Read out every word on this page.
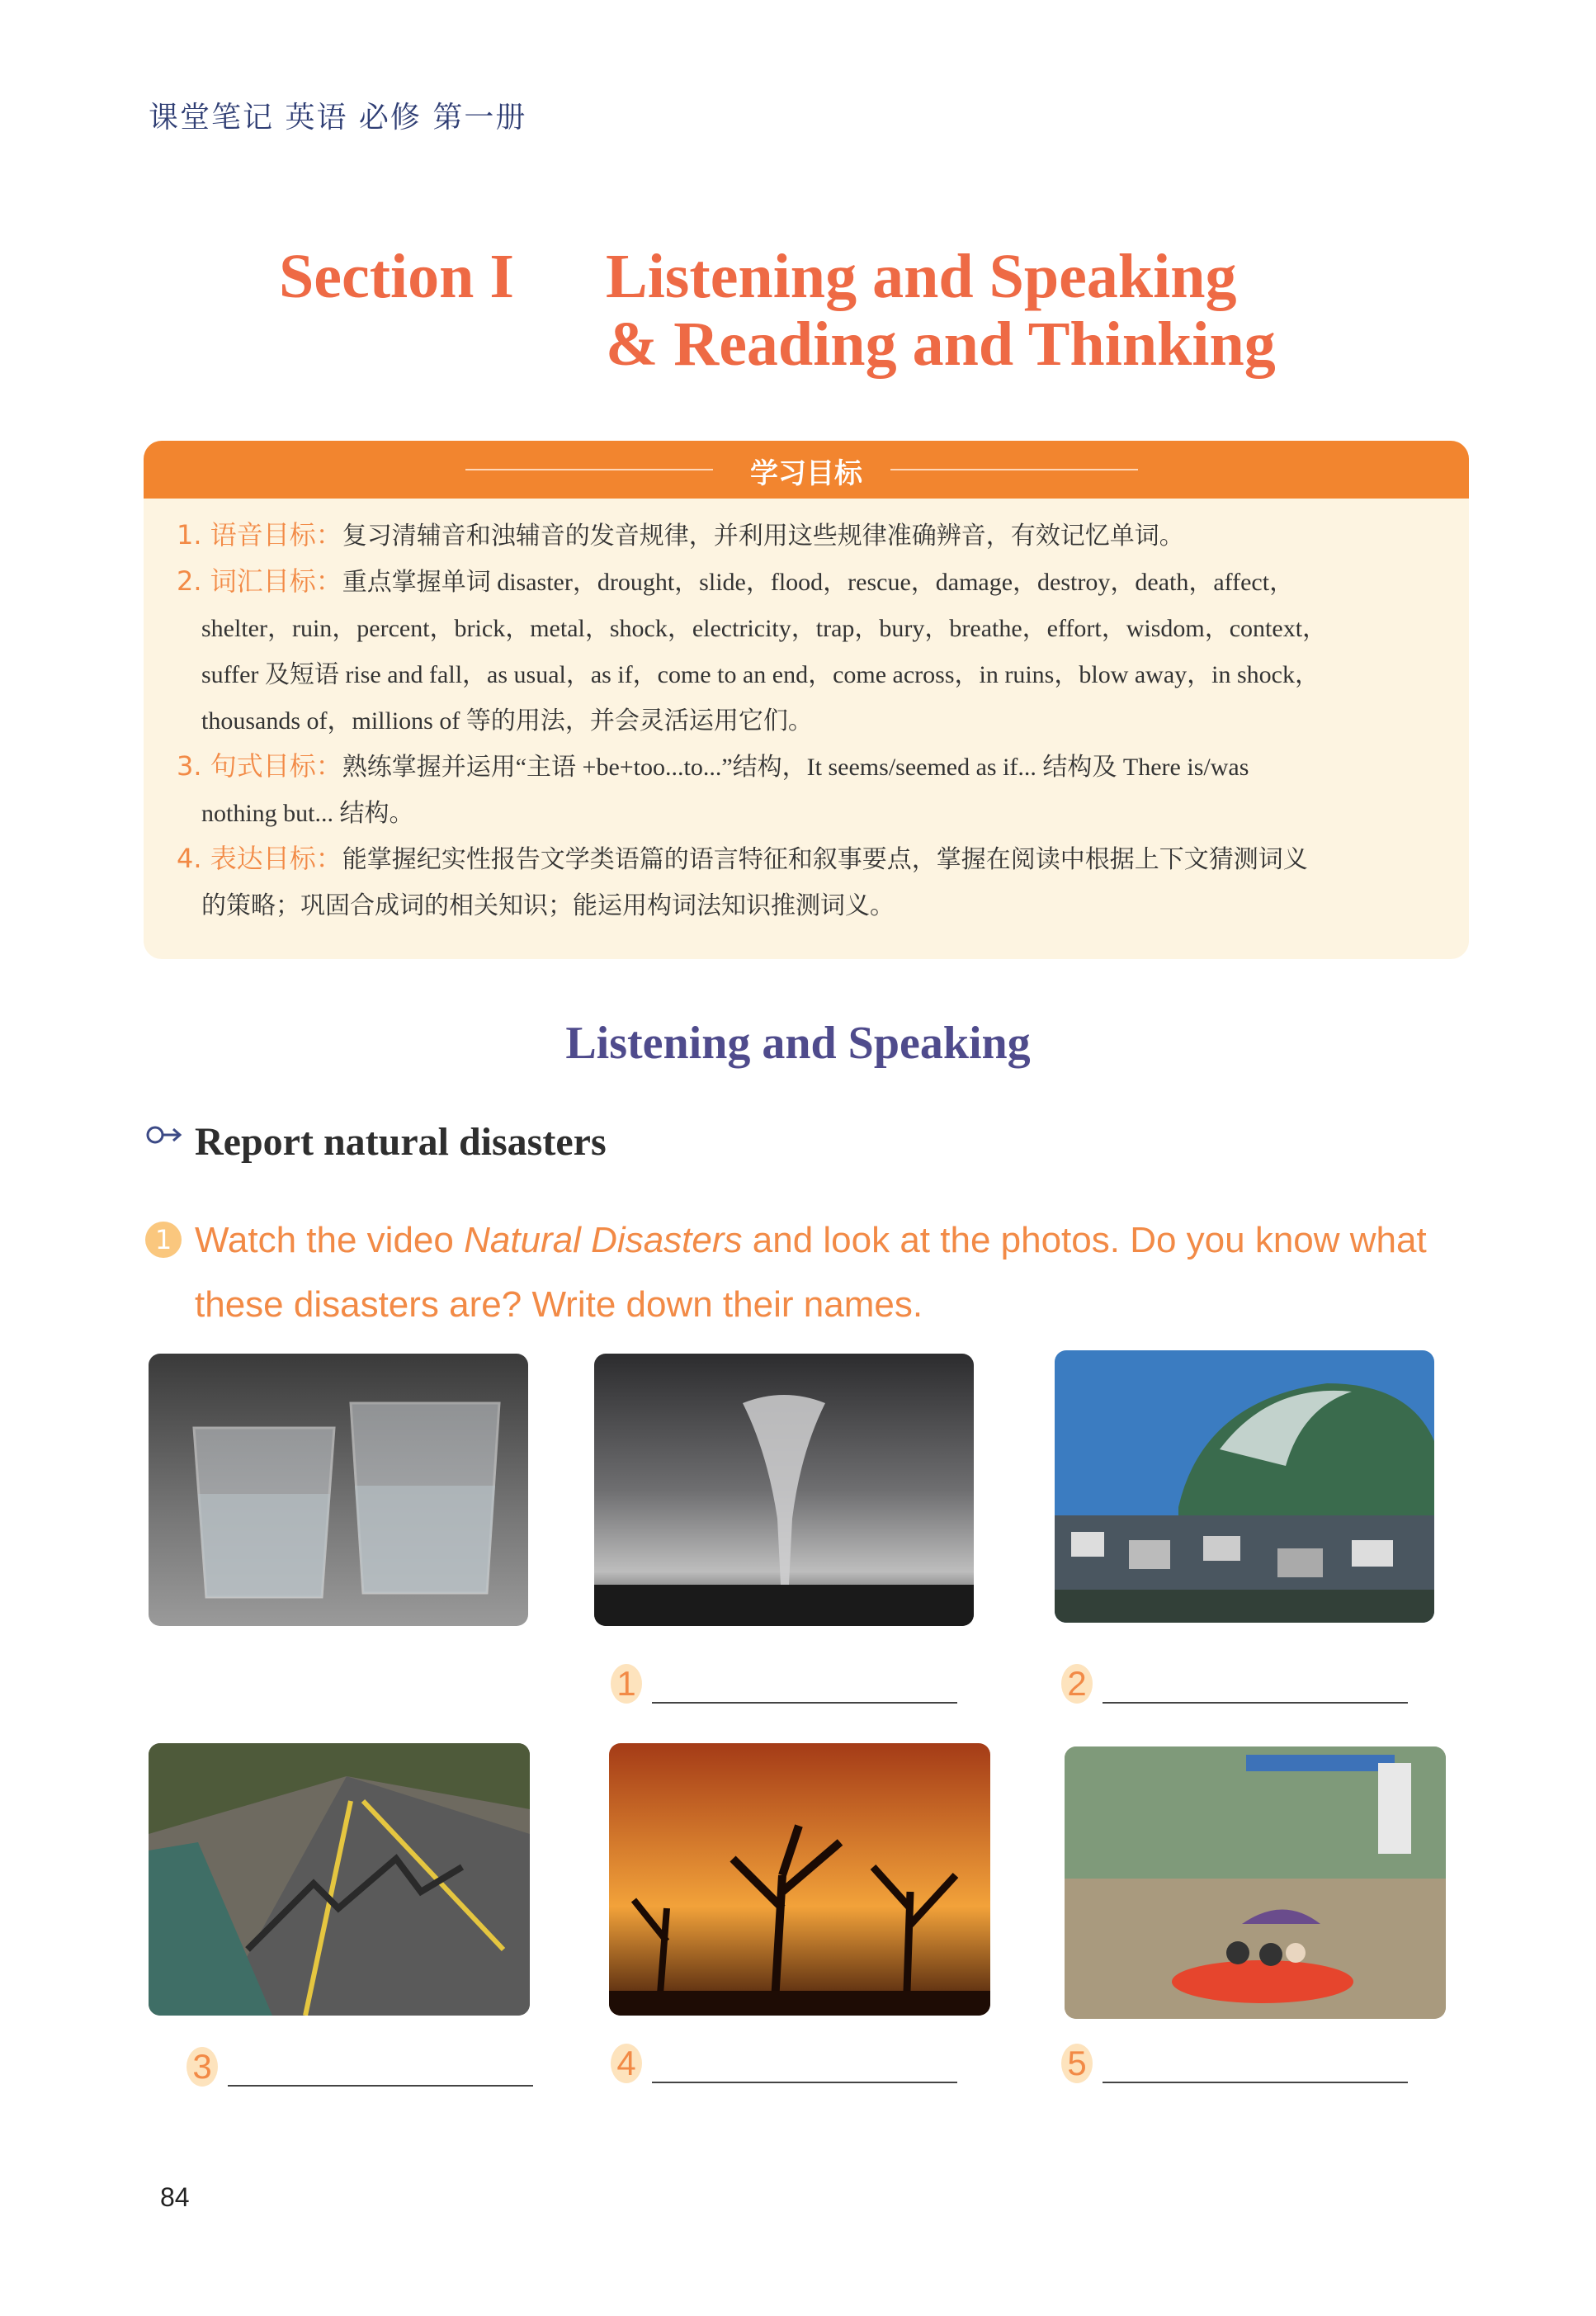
课堂笔记 英语 必修 第一册
Section I Listening and Speaking
& Reading and Thinking
学习目标
1. 语音目标：复习清辅音和浊辅音的发音规律，并利用这些规律准确辨音，有效记忆单词。
2. 词汇目标：重点掌握单词 disaster，drought，slide，flood，rescue，damage，destroy，death，affect，
shelter，ruin，percent，brick，metal，shock，electricity，trap，bury，breathe，effort，wisdom，context，
suffer 及短语 rise and fall，as usual，as if，come to an end，come across，in ruins，blow away，in shock，
thousands of，millions of 等的用法，并会灵活运用它们。
3. 句式目标：熟练掌握并运用“主语 +be+too...to...”结构，It seems/seemed as if... 结构及 There is/was
nothing but... 结构。
4. 表达目标：能掌握纪实性报告文学类语篇的语言特征和叙事要点，掌握在阅读中根据上下文猜测词义
的策略；巩固合成词的相关知识；能运用构词法知识推测词义。
Listening and Speaking
Report natural disasters
1 Watch the video Natural Disasters and look at the photos. Do you know what these disasters are? Write down their names.
1	2
3	4	5
84
